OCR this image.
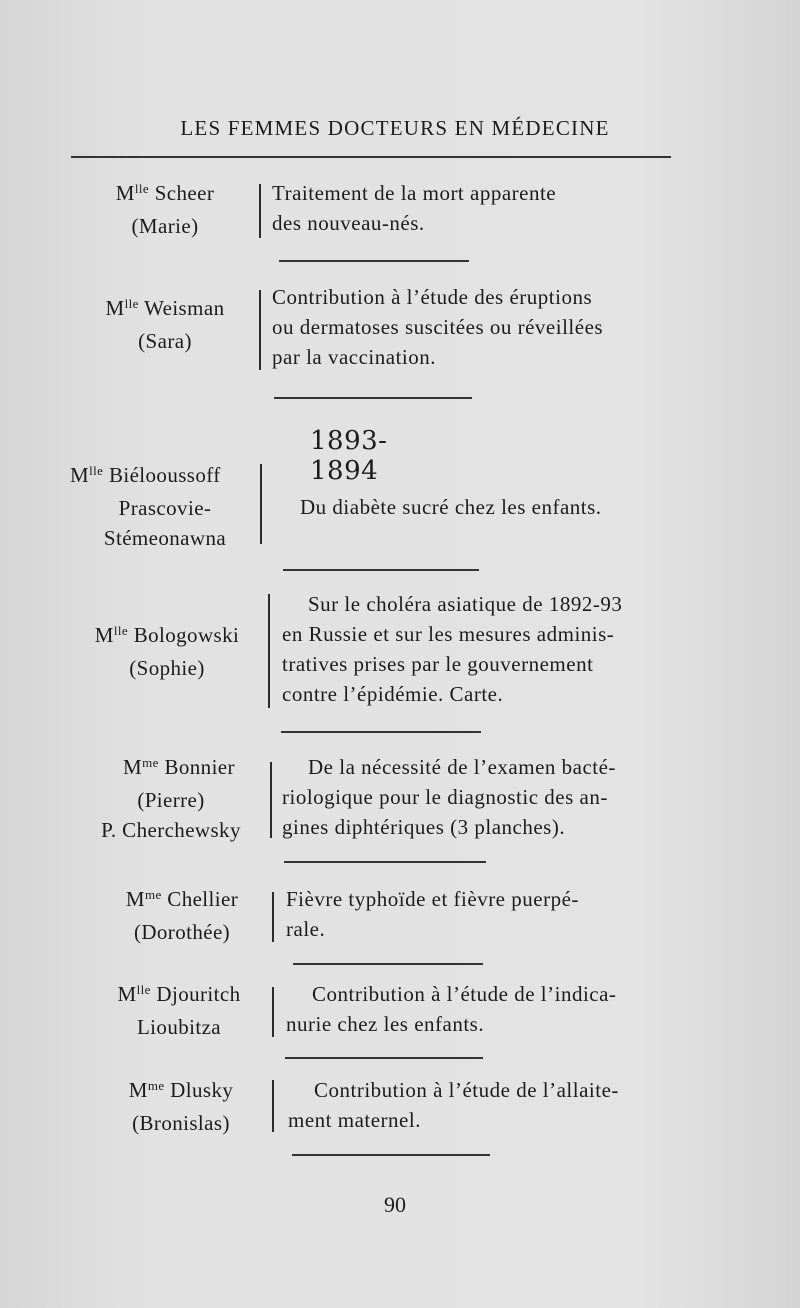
LES FEMMES DOCTEURS EN MÉDECINE
$M^{lle}$ Scheer
(Marie)
Traitement de la mort apparente
des nouveau-nés.
$M^{lle}$ Weisman
(Sara)
Contribution à l’étude des éruptions
ou dermatoses suscitées ou réveillées
par la vaccination.
1893-1894
$M^{lle}$ Biélooussoff
Prascovie-
Stémeonawna
Du diabète sucré chez les enfants.
$M^{lle}$ Bologowski
(Sophie)
Sur le choléra asiatique de 1892-93
en Russie et sur les mesures adminis-
tratives prises par le gouvernement
contre l’épidémie. Carte.
$M^{me}$ Bonnier
(Pierre)
P. Cherchewsky
De la nécessité de l’examen bacté-
riologique pour le diagnostic des an-
gines diphtériques (3 planches).
$M^{me}$ Chellier
(Dorothée)
Fièvre typhoïde et fièvre puerpé-
rale.
$M^{lle}$ Djouritch
Lioubitza
Contribution à l’étude de l’indica-
nurie chez les enfants.
$M^{me}$ Dlusky
(Bronislas)
Contribution à l’étude de l’allaite-
ment maternel.
90
